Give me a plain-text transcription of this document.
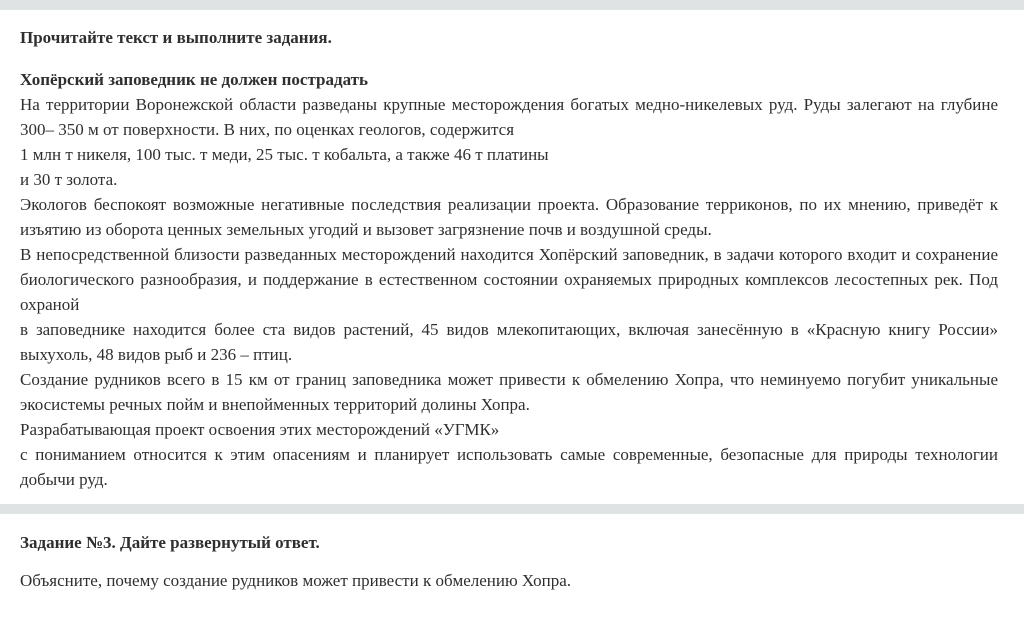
Прочитайте текст и выполните задания.

Хопёрский заповедник не должен пострадать

На территории Воронежской области разведаны крупные месторождения богатых медно-никелевых руд. Руды залегают на глубине 300– 350 м от поверхности. В них, по оценках геологов, содержится

1 млн т никеля, 100 тыс. т меди, 25 тыс. т кобальта, а также 46 т платины

и 30 т золота.

Экологов беспокоят возможные негативные последствия реализации проекта. Образование терриконов, по их мнению, приведёт к изъятию из оборота ценных земельных угодий и вызовет загрязнение почв и воздушной среды.

В непосредственной близости разведанных месторождений находится Хопёрский заповедник, в задачи которого входит и сохранение биологического разнообразия, и поддержание в естественном состоянии охраняемых природных комплексов лесостепных рек. Под охраной

в заповеднике находится более ста видов растений, 45 видов млекопитающих, включая занесённую в «Красную книгу России» выхухоль, 48 видов рыб и 236 – птиц.

Создание рудников всего в 15 км от границ заповедника может привести к обмелению Хопра, что неминуемо погубит уникальные экосистемы речных пойм и внепойменных территорий долины Хопра.

Разрабатывающая проект освоения этих месторождений «УГМК»

с пониманием относится к этим опасениям и планирует использовать самые современные, безопасные для природы технологии добычи руд.

Задание №3. Дайте развернутый ответ.

Объясните, почему создание рудников может привести к обмелению Хопра.
